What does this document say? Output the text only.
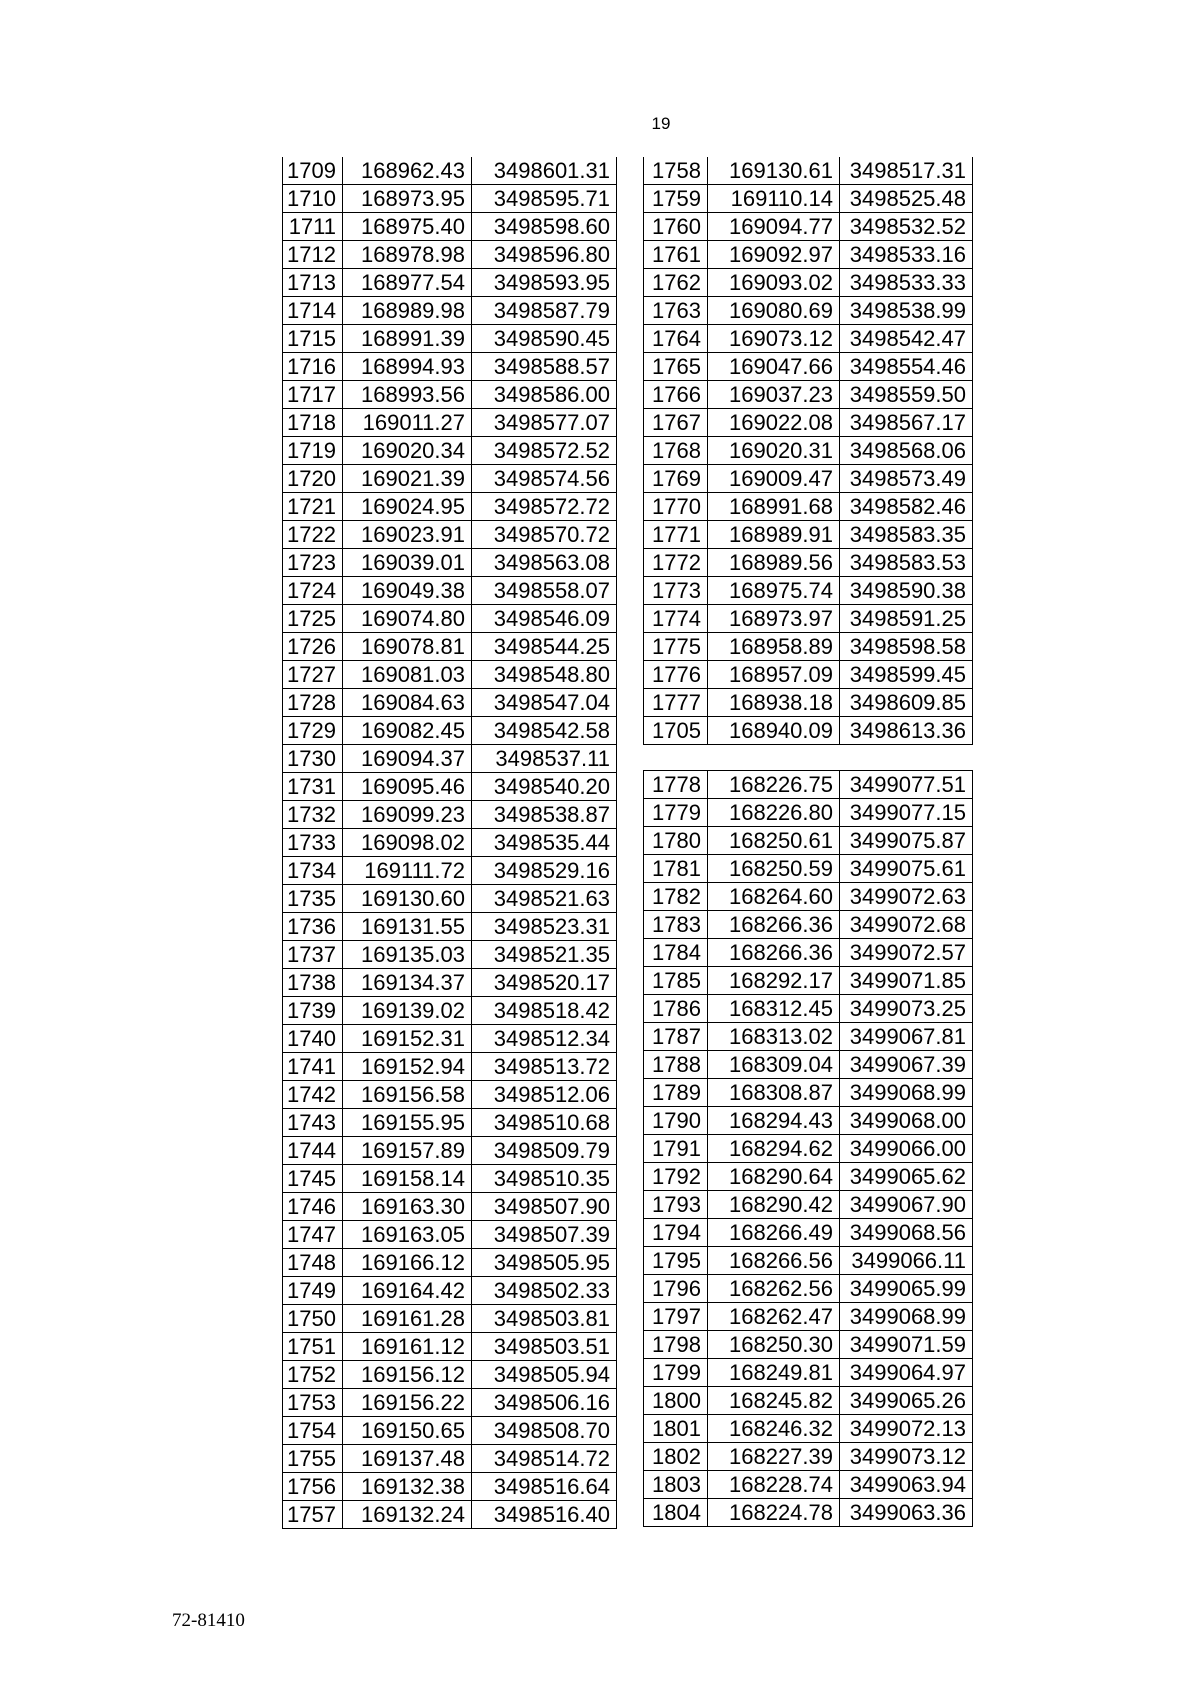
19
1709	168962.43	3498601.31
1710	168973.95	3498595.71
1711	168975.40	3498598.60
1712	168978.98	3498596.80
1713	168977.54	3498593.95
1714	168989.98	3498587.79
1715	168991.39	3498590.45
1716	168994.93	3498588.57
1717	168993.56	3498586.00
1718	169011.27	3498577.07
1719	169020.34	3498572.52
1720	169021.39	3498574.56
1721	169024.95	3498572.72
1722	169023.91	3498570.72
1723	169039.01	3498563.08
1724	169049.38	3498558.07
1725	169074.80	3498546.09
1726	169078.81	3498544.25
1727	169081.03	3498548.80
1728	169084.63	3498547.04
1729	169082.45	3498542.58
1730	169094.37	3498537.11
1731	169095.46	3498540.20
1732	169099.23	3498538.87
1733	169098.02	3498535.44
1734	169111.72	3498529.16
1735	169130.60	3498521.63
1736	169131.55	3498523.31
1737	169135.03	3498521.35
1738	169134.37	3498520.17
1739	169139.02	3498518.42
1740	169152.31	3498512.34
1741	169152.94	3498513.72
1742	169156.58	3498512.06
1743	169155.95	3498510.68
1744	169157.89	3498509.79
1745	169158.14	3498510.35
1746	169163.30	3498507.90
1747	169163.05	3498507.39
1748	169166.12	3498505.95
1749	169164.42	3498502.33
1750	169161.28	3498503.81
1751	169161.12	3498503.51
1752	169156.12	3498505.94
1753	169156.22	3498506.16
1754	169150.65	3498508.70
1755	169137.48	3498514.72
1756	169132.38	3498516.64
1757	169132.24	3498516.40
1758	169130.61	3498517.31
1759	169110.14	3498525.48
1760	169094.77	3498532.52
1761	169092.97	3498533.16
1762	169093.02	3498533.33
1763	169080.69	3498538.99
1764	169073.12	3498542.47
1765	169047.66	3498554.46
1766	169037.23	3498559.50
1767	169022.08	3498567.17
1768	169020.31	3498568.06
1769	169009.47	3498573.49
1770	168991.68	3498582.46
1771	168989.91	3498583.35
1772	168989.56	3498583.53
1773	168975.74	3498590.38
1774	168973.97	3498591.25
1775	168958.89	3498598.58
1776	168957.09	3498599.45
1777	168938.18	3498609.85
1705	168940.09	3498613.36
1778	168226.75	3499077.51
1779	168226.80	3499077.15
1780	168250.61	3499075.87
1781	168250.59	3499075.61
1782	168264.60	3499072.63
1783	168266.36	3499072.68
1784	168266.36	3499072.57
1785	168292.17	3499071.85
1786	168312.45	3499073.25
1787	168313.02	3499067.81
1788	168309.04	3499067.39
1789	168308.87	3499068.99
1790	168294.43	3499068.00
1791	168294.62	3499066.00
1792	168290.64	3499065.62
1793	168290.42	3499067.90
1794	168266.49	3499068.56
1795	168266.56	3499066.11
1796	168262.56	3499065.99
1797	168262.47	3499068.99
1798	168250.30	3499071.59
1799	168249.81	3499064.97
1800	168245.82	3499065.26
1801	168246.32	3499072.13
1802	168227.39	3499073.12
1803	168228.74	3499063.94
1804	168224.78	3499063.36
72-81410
